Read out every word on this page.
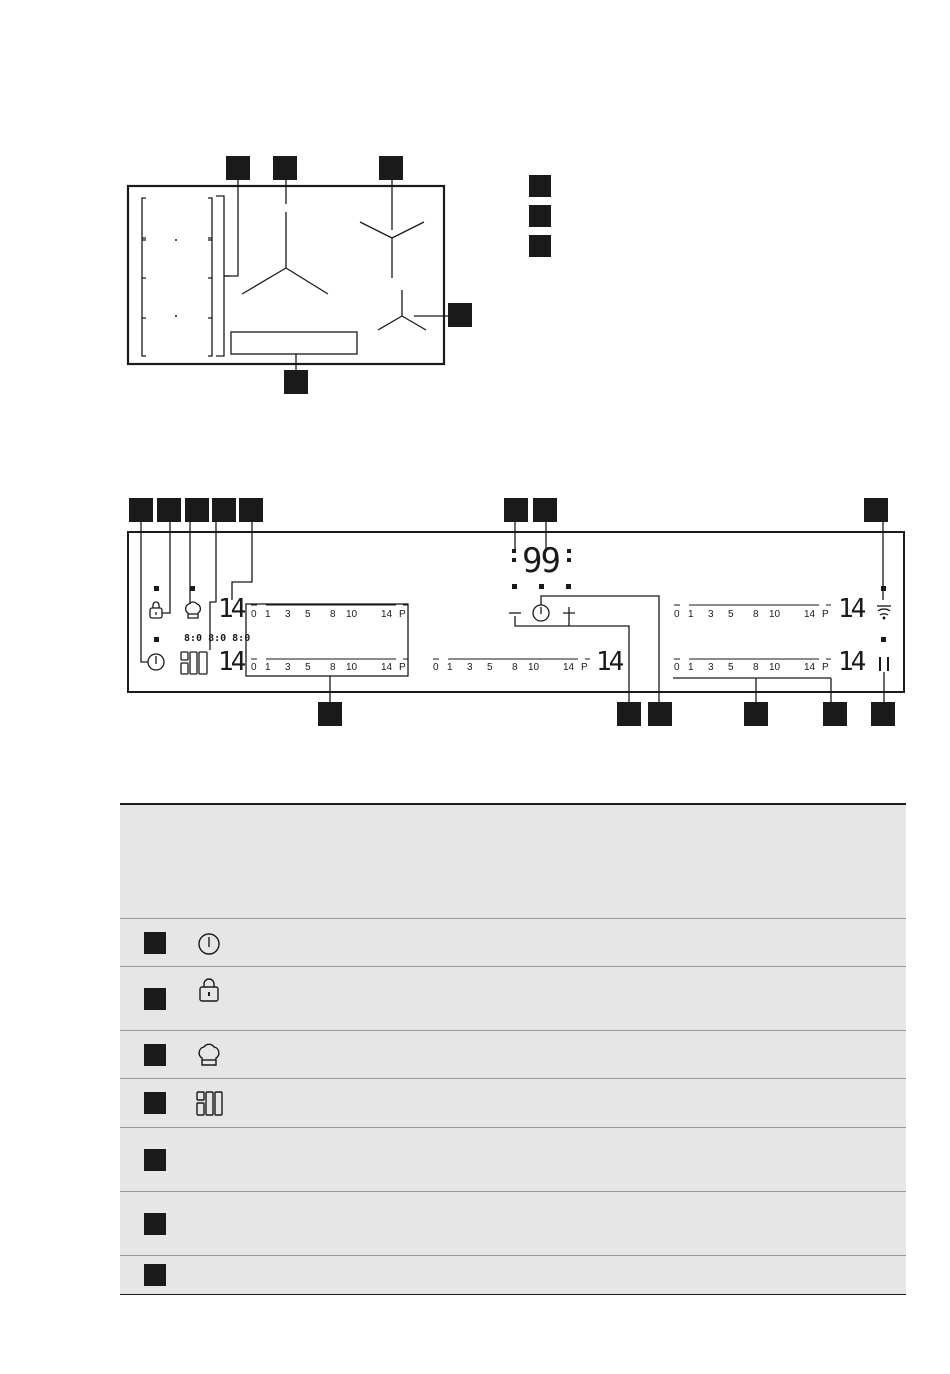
8:0 8:0 8:0
99
14
14	14
14
14
0 1 3 5 8 10 14 P
0 1 3 5 8 10 14 P	0 1 3 5 8 10 14 P
0 1 3 5 8 10 14 P
0 1 3 5 8 10 14 P
